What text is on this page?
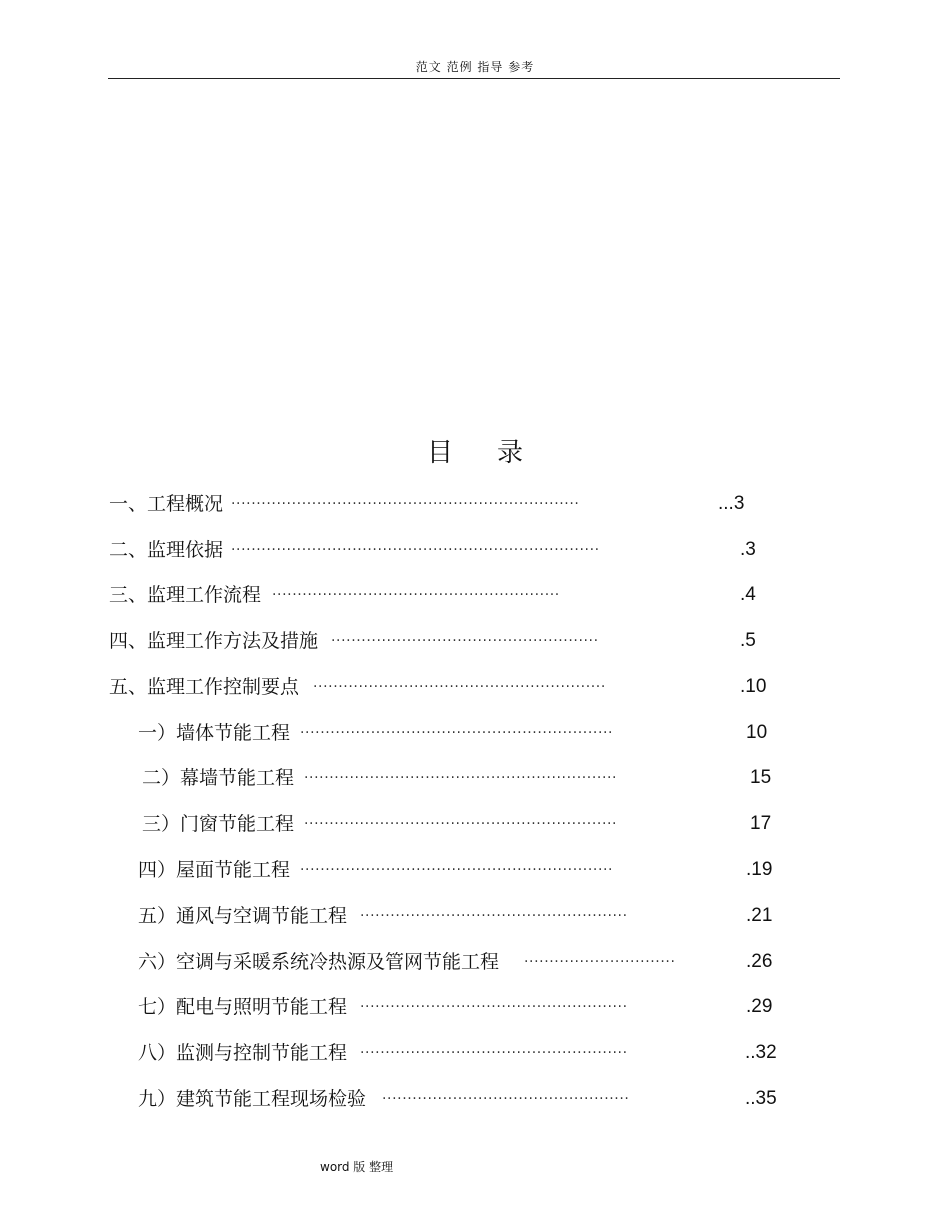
范文 范例 指导 参考
目录
一、工程概况 ·····································································	...3
二、监理依据 ·········································································	.3
三、监理工作流程 ·························································	.4
四、监理工作方法及措施 ·····················································	.5
五、监理工作控制要点 ··························································	.10
一）墙体节能工程 ······························································	10
二）幕墙节能工程 ······························································	15
三）门窗节能工程 ······························································	17
四）屋面节能工程 ······························································	.19
五）通风与空调节能工程 ·····················································	.21
六）空调与采暖系统冷热源及管网节能工程 ······························	.26
七）配电与照明节能工程 ·····················································	.29
八）监测与控制节能工程 ·····················································	..32
九）建筑节能工程现场检验 ·················································	..35
word 版 整理
